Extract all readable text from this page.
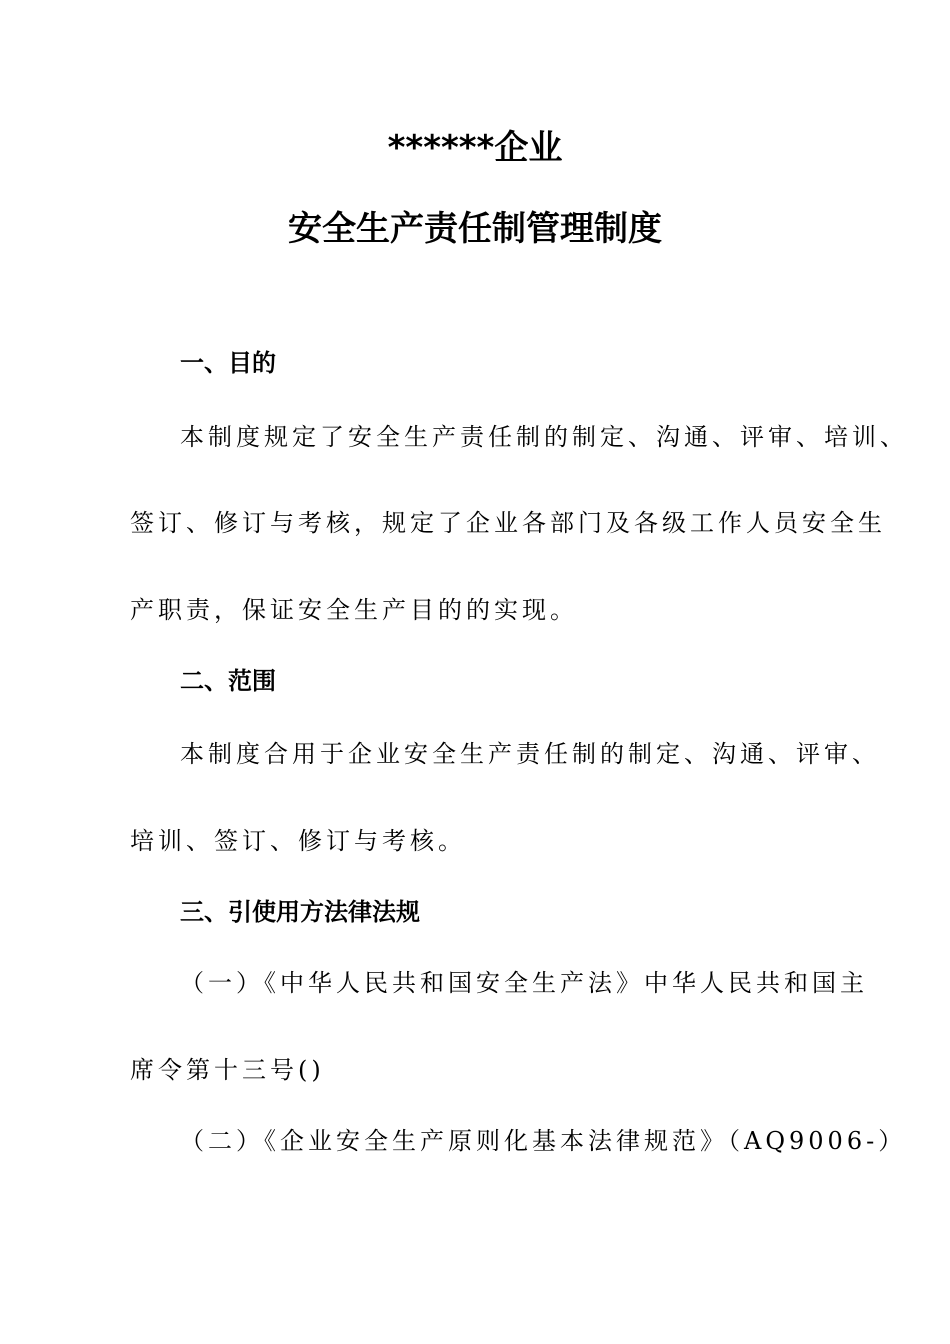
******企业
安全生产责任制管理制度
一、目的
本制度规定了安全生产责任制的制定、沟通、评审、培训、
签订、修订与考核，规定了企业各部门及各级工作人员安全生
产职责，保证安全生产目的的实现。
二、范围
本制度合用于企业安全生产责任制的制定、沟通、评审、
培训、签订、修订与考核。
三、引使用方法律法规
（一）《中华人民共和国安全生产法》中华人民共和国主
席令第十三号()
（二）《企业安全生产原则化基本法律规范》（AQ9006-）
